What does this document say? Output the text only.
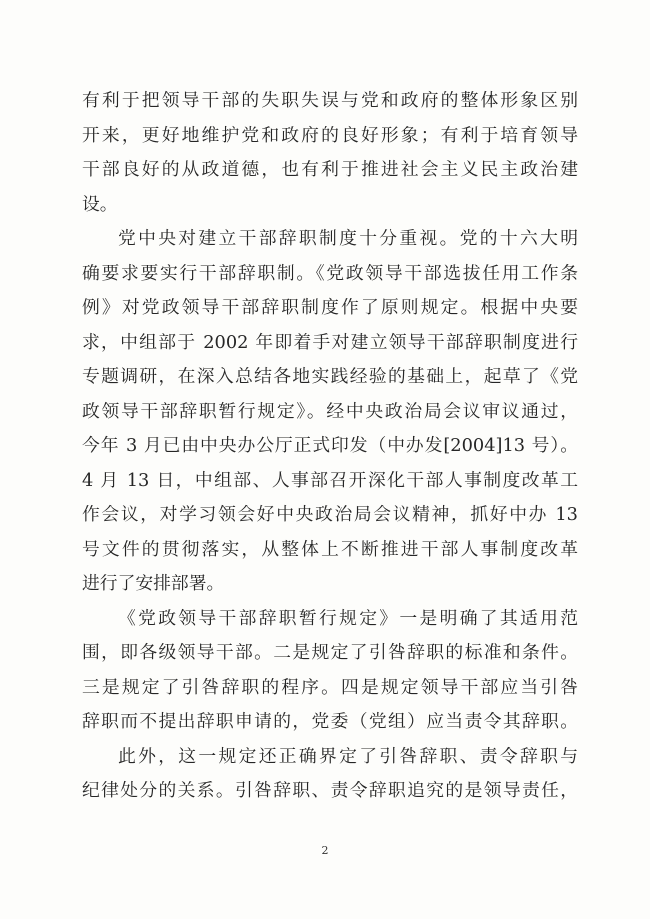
有利于把领导干部的失职失误与党和政府的整体形象区别
开来，更好地维护党和政府的良好形象；有利于培育领导
干部良好的从政道德，也有利于推进社会主义民主政治建
设。
党中央对建立干部辞职制度十分重视。党的十六大明
确要求要实行干部辞职制。《党政领导干部选拔任用工作条
例》对党政领导干部辞职制度作了原则规定。根据中央要
求，中组部于 2002 年即着手对建立领导干部辞职制度进行
专题调研，在深入总结各地实践经验的基础上，起草了《党
政领导干部辞职暂行规定》。经中央政治局会议审议通过，
今年 3 月已由中央办公厅正式印发（中办发[2004]13 号）。
4 月 13 日，中组部、人事部召开深化干部人事制度改革工
作会议，对学习领会好中央政治局会议精神，抓好中办 13
号文件的贯彻落实，从整体上不断推进干部人事制度改革
进行了安排部署。
《党政领导干部辞职暂行规定》一是明确了其适用范
围，即各级领导干部。二是规定了引咎辞职的标准和条件。
三是规定了引咎辞职的程序。四是规定领导干部应当引咎
辞职而不提出辞职申请的，党委（党组）应当责令其辞职。
此外，这一规定还正确界定了引咎辞职、责令辞职与
纪律处分的关系。引咎辞职、责令辞职追究的是领导责任，
2
